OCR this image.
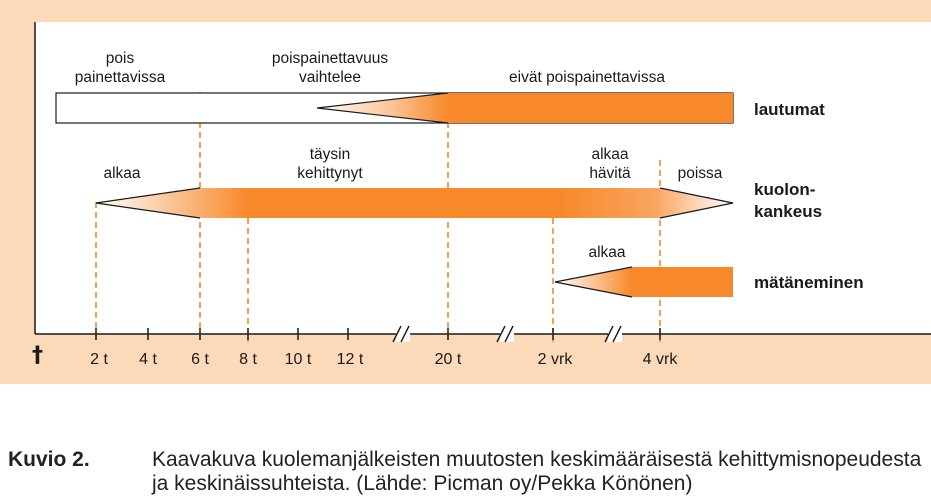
†	2 t 4 t 6 t 8 t 10 t 12 t	20 t	2 vrk	4 vrk
pois
painettavissa
poispainettavuus
vaihtelee	eivät poispainettavissa
alkaa
täysin
kehittynyt
alkaa
hävitä	poissa
alkaa
lautumat
kuolon-
kankeus
mätäneminen
Kuvio 2.	Kaavakuva kuolemanjälkeisten muutosten keskimääräisestä kehittymisnopeudesta ja keskinäissuhteista. (Lähde: Picman oy/Pekka Könönen)
